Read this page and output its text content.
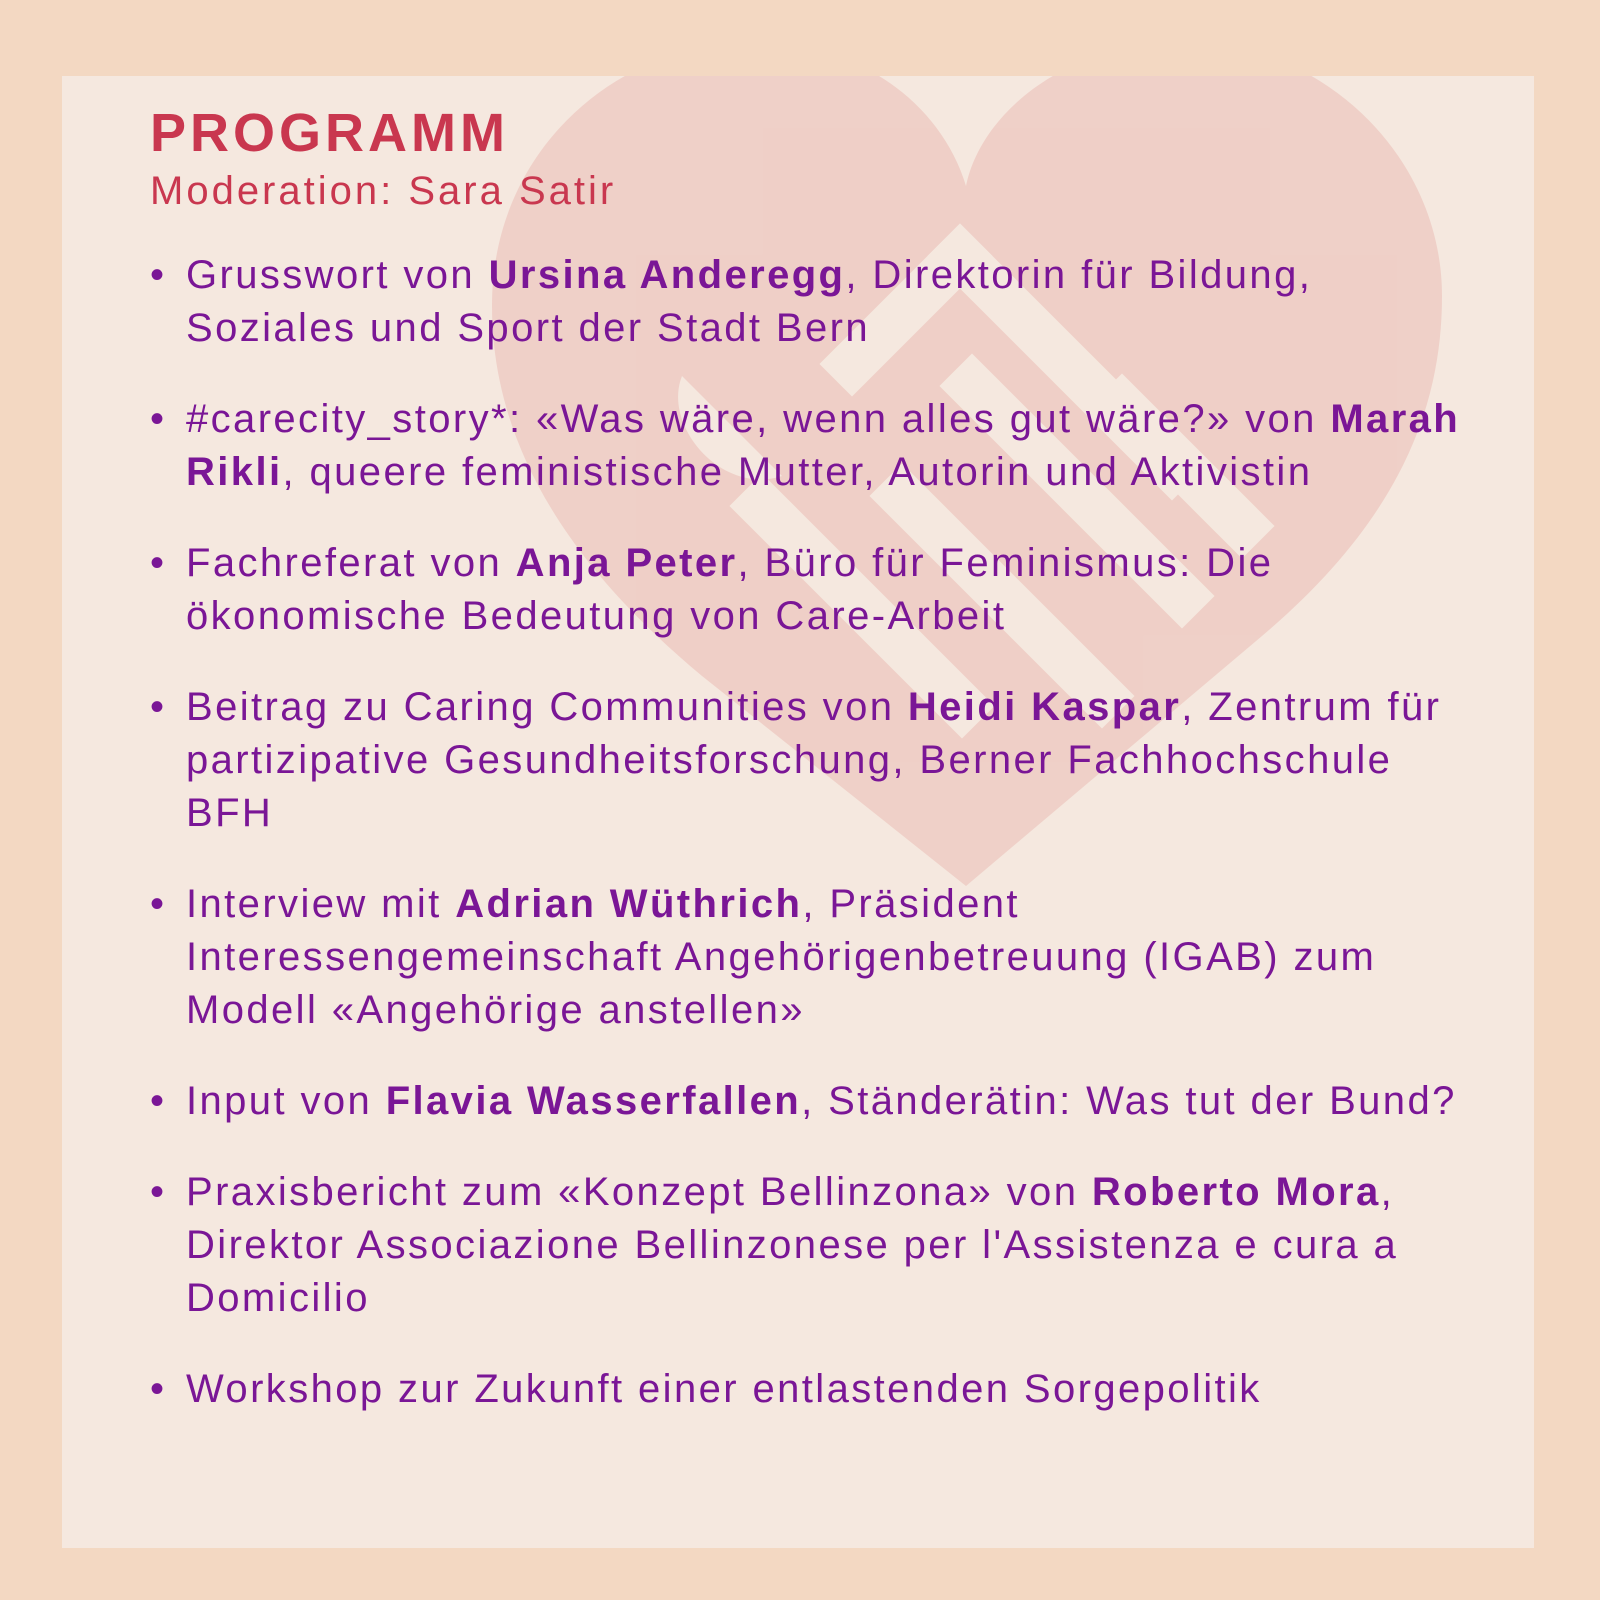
PROGRAMM

Moderation: Sara Satir

• Grusswort von Ursina Anderegg, Direktorin für Bildung, Soziales und Sport der Stadt Bern
• #carecity_story*: «Was wäre, wenn alles gut wäre?» von Marah Rikli, queere feministische Mutter, Autorin und Aktivistin
• Fachreferat von Anja Peter, Büro für Feminismus: Die ökonomische Bedeutung von Care-Arbeit
• Beitrag zu Caring Communities von Heidi Kaspar, Zentrum für partizipative Gesundheitsforschung, Berner Fachhochschule BFH
• Interview mit Adrian Wüthrich, Präsident Interessengemeinschaft Angehörigenbetreuung (IGAB) zum Modell «Angehörige anstellen»
• Input von Flavia Wasserfallen, Ständerätin: Was tut der Bund?
• Praxisbericht zum «Konzept Bellinzona» von Roberto Mora, Direktor Associazione Bellinzonese per l'Assistenza e cura a Domicilio
• Workshop zur Zukunft einer entlastenden Sorgepolitik
